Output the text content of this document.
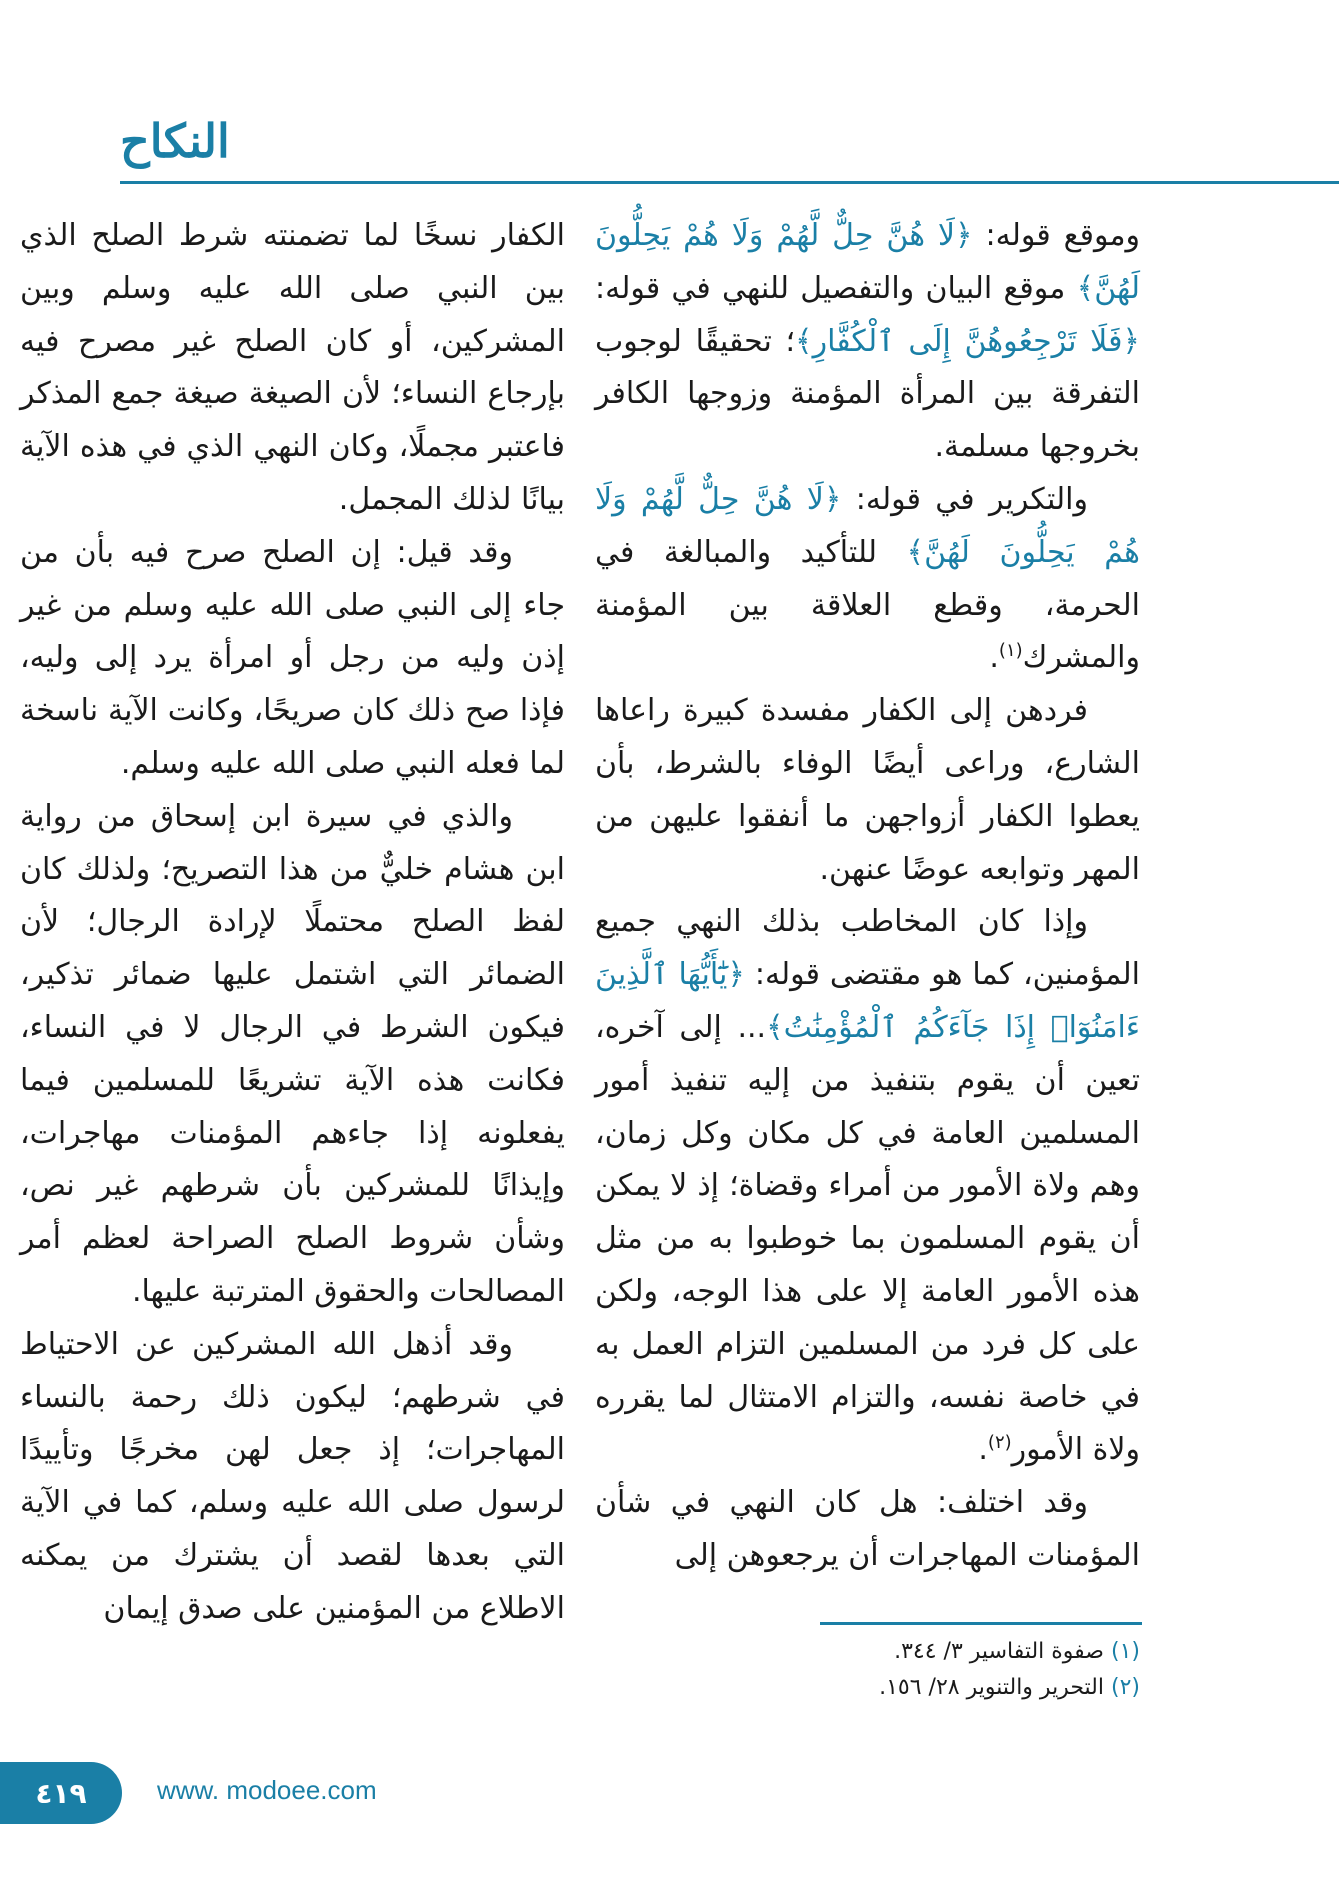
النكاح

وموقع قوله: ﴿لَا هُنَّ حِلٌّ لَّهُمْ وَلَا هُمْ يَحِلُّونَ لَهُنَّ﴾ موقع البيان والتفصيل للنهي في قوله: ﴿فَلَا تَرْجِعُوهُنَّ إِلَى ٱلْكُفَّارِ﴾؛ تحقيقًا لوجوب التفرقة بين المرأة المؤمنة وزوجها الكافر بخروجها مسلمة.

والتكرير في قوله: ﴿لَا هُنَّ حِلٌّ لَّهُمْ وَلَا هُمْ يَحِلُّونَ لَهُنَّ﴾ للتأكيد والمبالغة في الحرمة، وقطع العلاقة بين المؤمنة والمشرك$^{(١)}$.

فردهن إلى الكفار مفسدة كبيرة راعاها الشارع، وراعى أيضًا الوفاء بالشرط، بأن يعطوا الكفار أزواجهن ما أنفقوا عليهن من المهر وتوابعه عوضًا عنهن.

وإذا كان المخاطب بذلك النهي جميع المؤمنين، كما هو مقتضى قوله: ﴿يَٰٓأَيُّهَا ٱلَّذِينَ ءَامَنُوٓا۟ إِذَا جَآءَكُمُ ٱلْمُؤْمِنَٰتُ﴾... إلى آخره، تعين أن يقوم بتنفيذ من إليه تنفيذ أمور المسلمين العامة في كل مكان وكل زمان، وهم ولاة الأمور من أمراء وقضاة؛ إذ لا يمكن أن يقوم المسلمون بما خوطبوا به من مثل هذه الأمور العامة إلا على هذا الوجه، ولكن على كل فرد من المسلمين التزام العمل به في خاصة نفسه، والتزام الامتثال لما يقرره ولاة الأمور$^{(٢)}$.

وقد اختلف: هل كان النهي في شأن المؤمنات المهاجرات أن يرجعوهن إلى

الكفار نسخًا لما تضمنته شرط الصلح الذي بين النبي صلى الله عليه وسلم وبين المشركين، أو كان الصلح غير مصرح فيه بإرجاع النساء؛ لأن الصيغة صيغة جمع المذكر فاعتبر مجملًا، وكان النهي الذي في هذه الآية بيانًا لذلك المجمل.

وقد قيل: إن الصلح صرح فيه بأن من جاء إلى النبي صلى الله عليه وسلم من غير إذن وليه من رجل أو امرأة يرد إلى وليه، فإذا صح ذلك كان صريحًا، وكانت الآية ناسخة لما فعله النبي صلى الله عليه وسلم.

والذي في سيرة ابن إسحاق من رواية ابن هشام خليٌّ من هذا التصريح؛ ولذلك كان لفظ الصلح محتملًا لإرادة الرجال؛ لأن الضمائر التي اشتمل عليها ضمائر تذكير، فيكون الشرط في الرجال لا في النساء، فكانت هذه الآية تشريعًا للمسلمين فيما يفعلونه إذا جاءهم المؤمنات مهاجرات، وإيذانًا للمشركين بأن شرطهم غير نص، وشأن شروط الصلح الصراحة لعظم أمر المصالحات والحقوق المترتبة عليها.

وقد أذهل الله المشركين عن الاحتياط في شرطهم؛ ليكون ذلك رحمة بالنساء المهاجرات؛ إذ جعل لهن مخرجًا وتأييدًا لرسول صلى الله عليه وسلم، كما في الآية التي بعدها لقصد أن يشترك من يمكنه الاطلاع من المؤمنين على صدق إيمان

(١) صفوة التفاسير ٣/ ٣٤٤.
(٢) التحرير والتنوير ٢٨/ ١٥٦.
٤١٩	www. modoee.com
